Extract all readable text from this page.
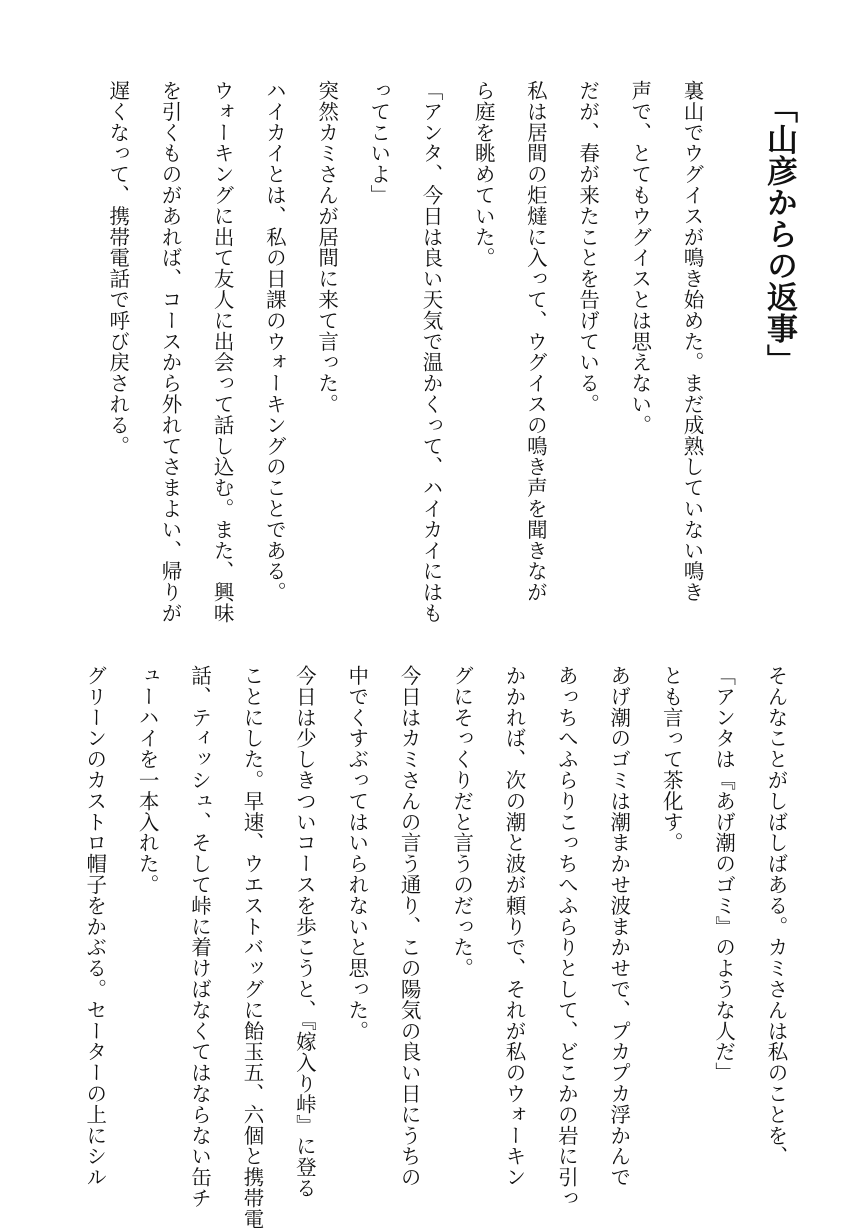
「山彦からの返事」
裏山でウグイスが鳴き始めた。まだ成熟していない鳴き
声で、とてもウグイスとは思えない。
だが、春が来たことを告げている。
私は居間の炬燵に入って、ウグイスの鳴き声を聞きなが
ら庭を眺めていた。
「アンタ、今日は良い天気で温かくって、ハイカイにはも
ってこいよ」
突然カミさんが居間に来て言った。
ハイカイとは、私の日課のウォーキングのことである。
ウォーキングに出て友人に出会って話し込む。また、興味
を引くものがあれば、コースから外れてさまよい、帰りが
遅くなって、携帯電話で呼び戻される。
そんなことがしばしばある。カミさんは私のことを、
「アンタは『あげ潮のゴミ』のような人だ」
とも言って茶化す。
あげ潮のゴミは潮まかせ波まかせで、プカプカ浮かんで
あっちへふらりこっちへふらりとして、どこかの岩に引っ
かかれば、次の潮と波が頼りで、それが私のウォーキン
グにそっくりだと言うのだった。
今日はカミさんの言う通り、この陽気の良い日にうちの
中でくすぶってはいられないと思った。
今日は少しきついコースを歩こうと、『嫁入り峠』に登る
ことにした。早速、ウエストバッグに飴玉五、六個と携帯電
話、ティッシュ、そして峠に着けばなくてはならない缶チ
ューハイを一本入れた。
グリーンのカストロ帽子をかぶる。セーターの上にシル
